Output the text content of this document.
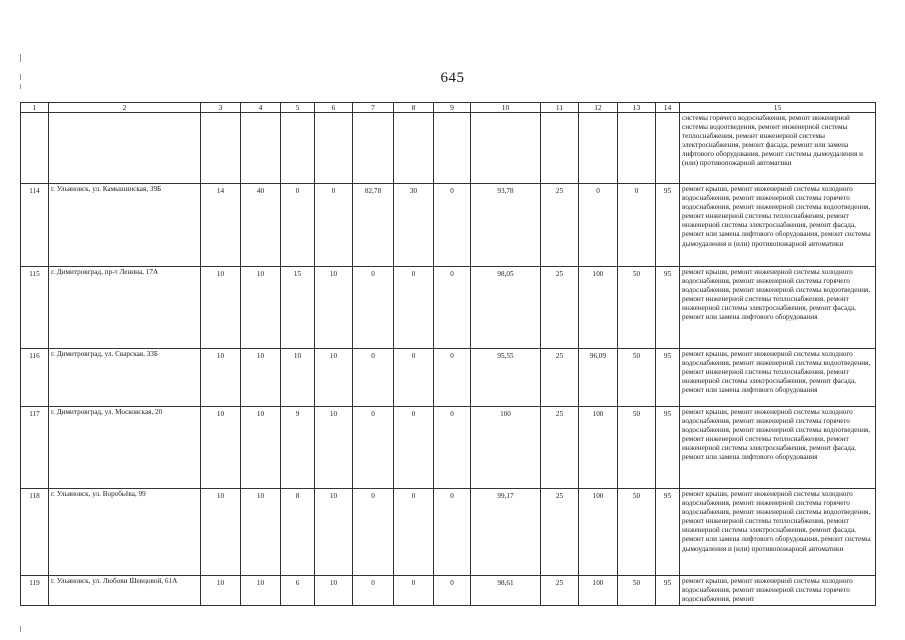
645
1	2	3	4	5	6	7	8	9	10	11	12	13	14	15
														системы горячего водоснабжения, ремонт инженерной системы водоотведения, ремонт инженерной системы теплоснабжения, ремонт инженерной системы электроснабжения, ремонт фасада, ремонт или замена лифтового оборудования, ремонт системы дымоудаления и (или) противопожарной автоматики
114	г. Ульяновск, ул. Камышинская, 39Б	14	40	0	0	82,78	30	0	93,78	25	0	0	95	ремонт крыши, ремонт инженерной системы холодного водоснабжения, ремонт инженерной системы горячего водоснабжения, ремонт инженерной системы водоотведения, ремонт инженерной системы теплоснабжения, ремонт инженерной системы электроснабжения, ремонт фасада, ремонт или замена лифтового оборудования, ремонт системы дымоудаления и (или) противопожарной автоматики
115	г. Димитровград, пр-т Ленина, 17А	10	10	15	10	0	0	0	98,05	25	100	50	95	ремонт крыши, ремонт инженерной системы холодного водоснабжения, ремонт инженерной системы горячего водоснабжения, ремонт инженерной системы водоотведения, ремонт инженерной системы теплоснабжения, ремонт инженерной системы электроснабжения, ремонт фасада, ремонт или замена лифтового оборудования
116	г. Димитровград, ул. Сварская, 33Б	10	10	10	10	0	0	0	95,55	25	96,09	50	95	ремонт крыши, ремонт инженерной системы холодного водоснабжения, ремонт инженерной системы водоотведения, ремонт инженерной системы теплоснабжения, ремонт инженерной системы электроснабжения, ремонт фасада, ремонт или замена лифтового оборудования
117	г. Димитровград, ул. Московская, 20	10	10	9	10	0	0	0	100	25	100	50	95	ремонт крыши, ремонт инженерной системы холодного водоснабжения, ремонт инженерной системы горячего водоснабжения, ремонт инженерной системы водоотведения, ремонт инженерной системы теплоснабжения, ремонт инженерной системы электроснабжения, ремонт фасада, ремонт или замена лифтового оборудования
118	г. Ульяновск, ул. Воробьёва, 99	10	10	8	10	0	0	0	99,17	25	100	50	95	ремонт крыши, ремонт инженерной системы холодного водоснабжения, ремонт инженерной системы горячего водоснабжения, ремонт инженерной системы водоотведения, ремонт инженерной системы теплоснабжения, ремонт инженерной системы электроснабжения, ремонт фасада, ремонт или замена лифтового оборудования, ремонт системы дымоудаления и (или) противопожарной автоматики
119	г. Ульяновск, ул. Любови Шевцовой, 61А	10	10	6	10	0	0	0	98,61	25	100	50	95	ремонт крыши, ремонт инженерной системы холодного водоснабжения, ремонт инженерной системы горячего водоснабжения, ремонт
